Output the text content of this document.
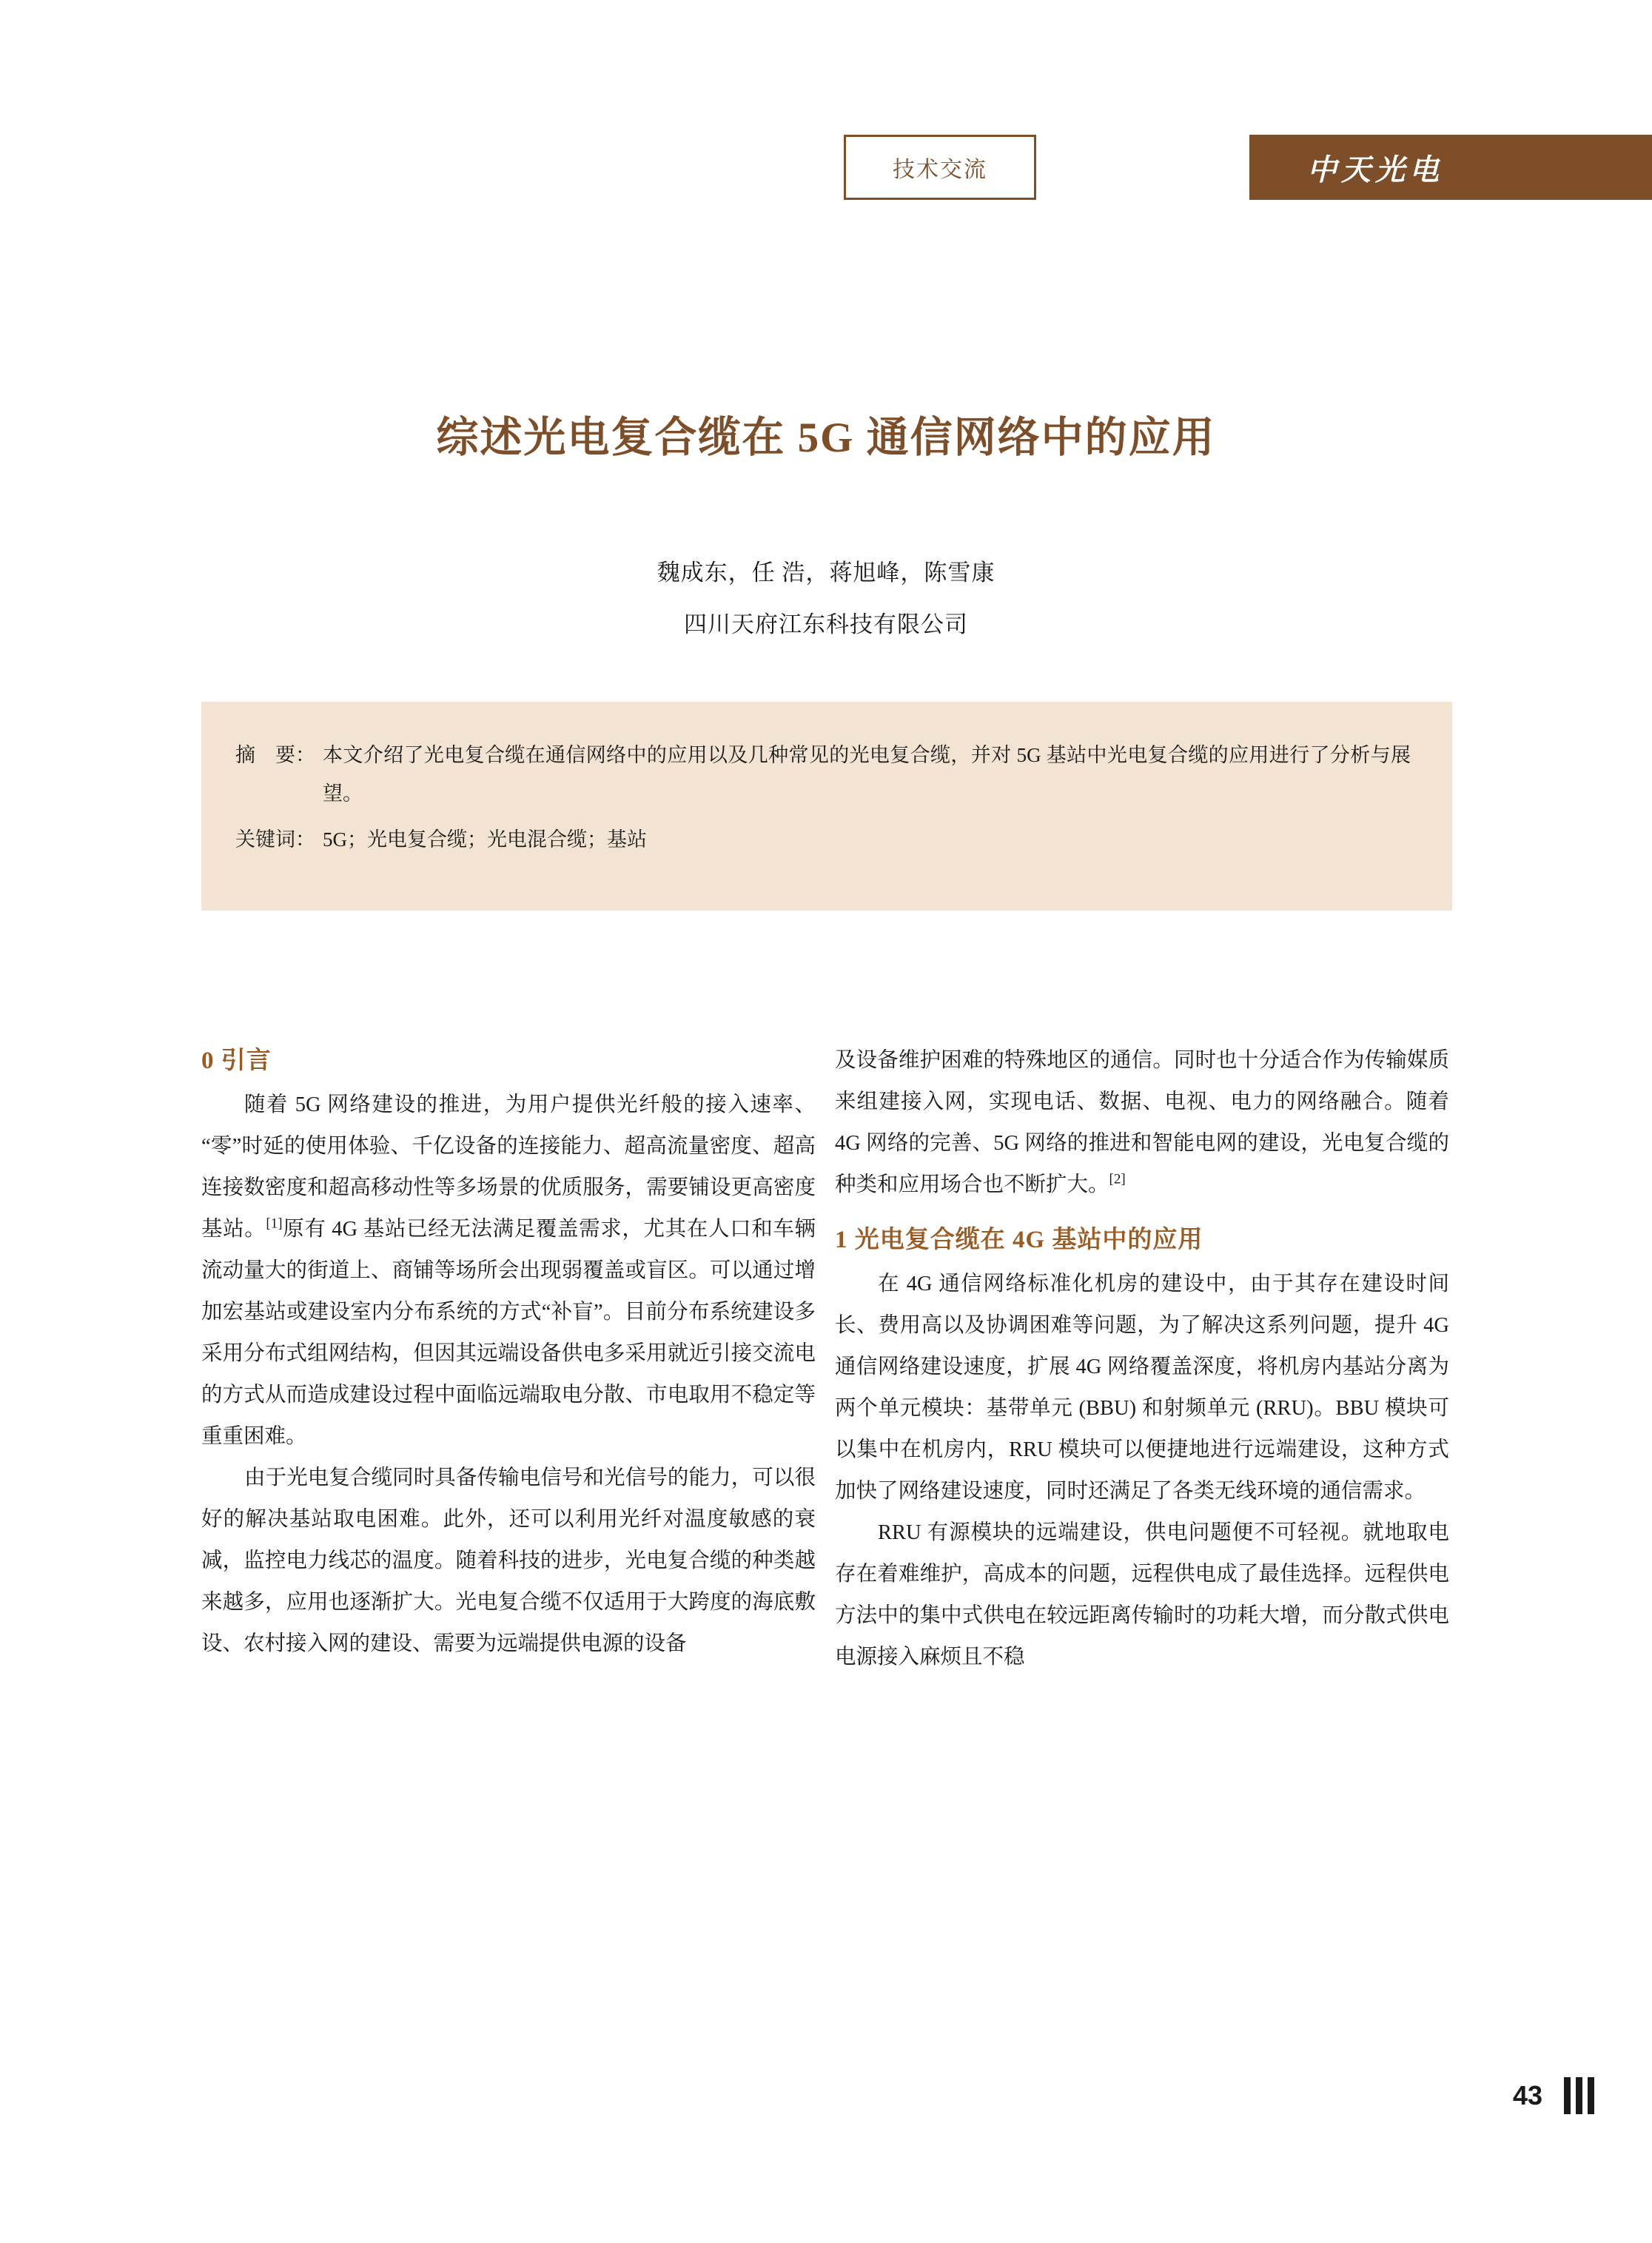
技术交流	中天光电
综述光电复合缆在 5G 通信网络中的应用
魏成东，任 浩，蒋旭峰，陈雪康
四川天府江东科技有限公司
摘　要： 本文介绍了光电复合缆在通信网络中的应用以及几种常见的光电复合缆，并对 5G 基站中光电复合缆的应用进行了分析与展望。
关键词： 5G；光电复合缆；光电混合缆；基站
0 引言

随着 5G 网络建设的推进，为用户提供光纤般的接入速率、“零”时延的使用体验、千亿设备的连接能力、超高流量密度、超高连接数密度和超高移动性等多场景的优质服务，需要铺设更高密度基站。[1]原有 4G 基站已经无法满足覆盖需求，尤其在人口和车辆流动量大的街道上、商铺等场所会出现弱覆盖或盲区。可以通过增加宏基站或建设室内分布系统的方式“补盲”。目前分布系统建设多采用分布式组网结构，但因其远端设备供电多采用就近引接交流电的方式从而造成建设过程中面临远端取电分散、市电取用不稳定等重重困难。

由于光电复合缆同时具备传输电信号和光信号的能力，可以很好的解决基站取电困难。此外，还可以利用光纤对温度敏感的衰减，监控电力线芯的温度。随着科技的进步，光电复合缆的种类越来越多，应用也逐渐扩大。光电复合缆不仅适用于大跨度的海底敷设、农村接入网的建设、需要为远端提供电源的设备

及设备维护困难的特殊地区的通信。同时也十分适合作为传输媒质来组建接入网，实现电话、数据、电视、电力的网络融合。随着 4G 网络的完善、5G 网络的推进和智能电网的建设，光电复合缆的种类和应用场合也不断扩大。[2]

1 光电复合缆在 4G 基站中的应用

在 4G 通信网络标准化机房的建设中，由于其存在建设时间长、费用高以及协调困难等问题，为了解决这系列问题，提升 4G 通信网络建设速度，扩展 4G 网络覆盖深度，将机房内基站分离为两个单元模块：基带单元 (BBU) 和射频单元 (RRU)。BBU 模块可以集中在机房内，RRU 模块可以便捷地进行远端建设，这种方式加快了网络建设速度，同时还满足了各类无线环境的通信需求。

RRU 有源模块的远端建设，供电问题便不可轻视。就地取电存在着难维护，高成本的问题，远程供电成了最佳选择。远程供电方法中的集中式供电在较远距离传输时的功耗大增，而分散式供电电源接入麻烦且不稳

43
